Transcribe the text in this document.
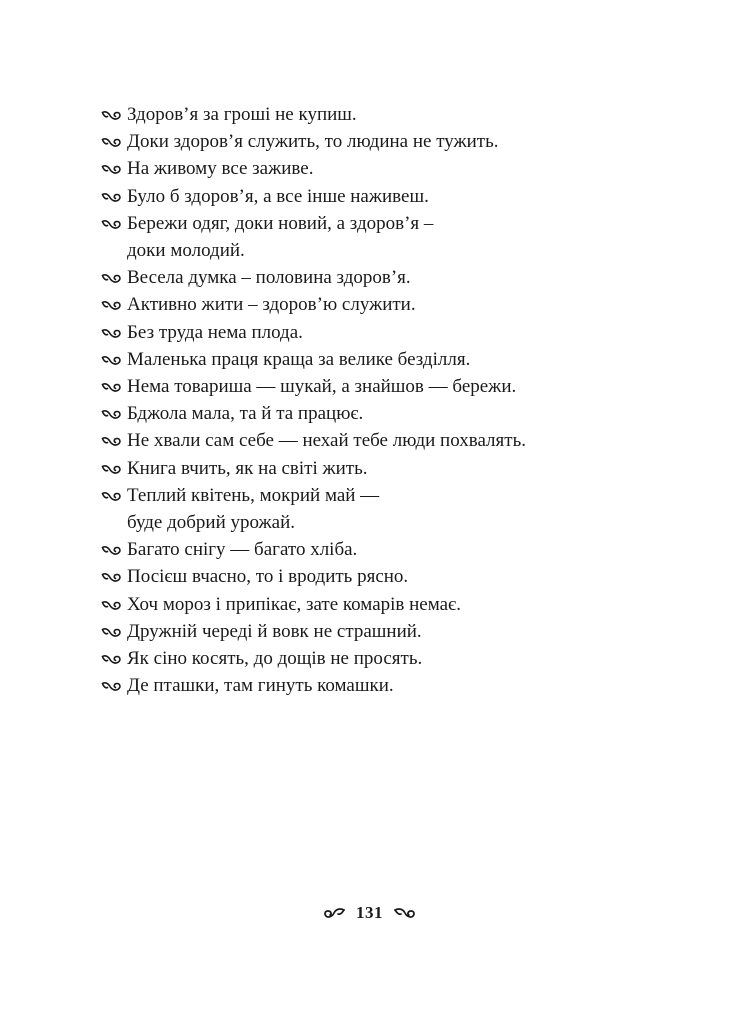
Здоров’я за гроші не купиш.
Доки здоров’я служить, то людина не тужить.
На живому все заживе.
Було б здоров’я, а все інше наживеш.
Бережи одяг, доки новий, а здоров’я –
доки молодий.
Весела думка – половина здоров’я.
Активно жити – здоров’ю служити.
Без труда нема плода.
Маленька праця краща за велике безділля.
Нема товариша — шукай, а знайшов — бережи.
Бджола мала, та й та працює.
Не хвали сам себе — нехай тебе люди похвалять.
Книга вчить, як на світі жить.
Теплий квітень, мокрий май —
буде добрий урожай.
Багато снігу — багато хліба.
Посієш вчасно, то і вродить рясно.
Хоч мороз і припікає, зате комарів немає.
Дружній череді й вовк не страшний.
Як сіно косять, до дощів не просять.
Де пташки, там гинуть комашки.
131
